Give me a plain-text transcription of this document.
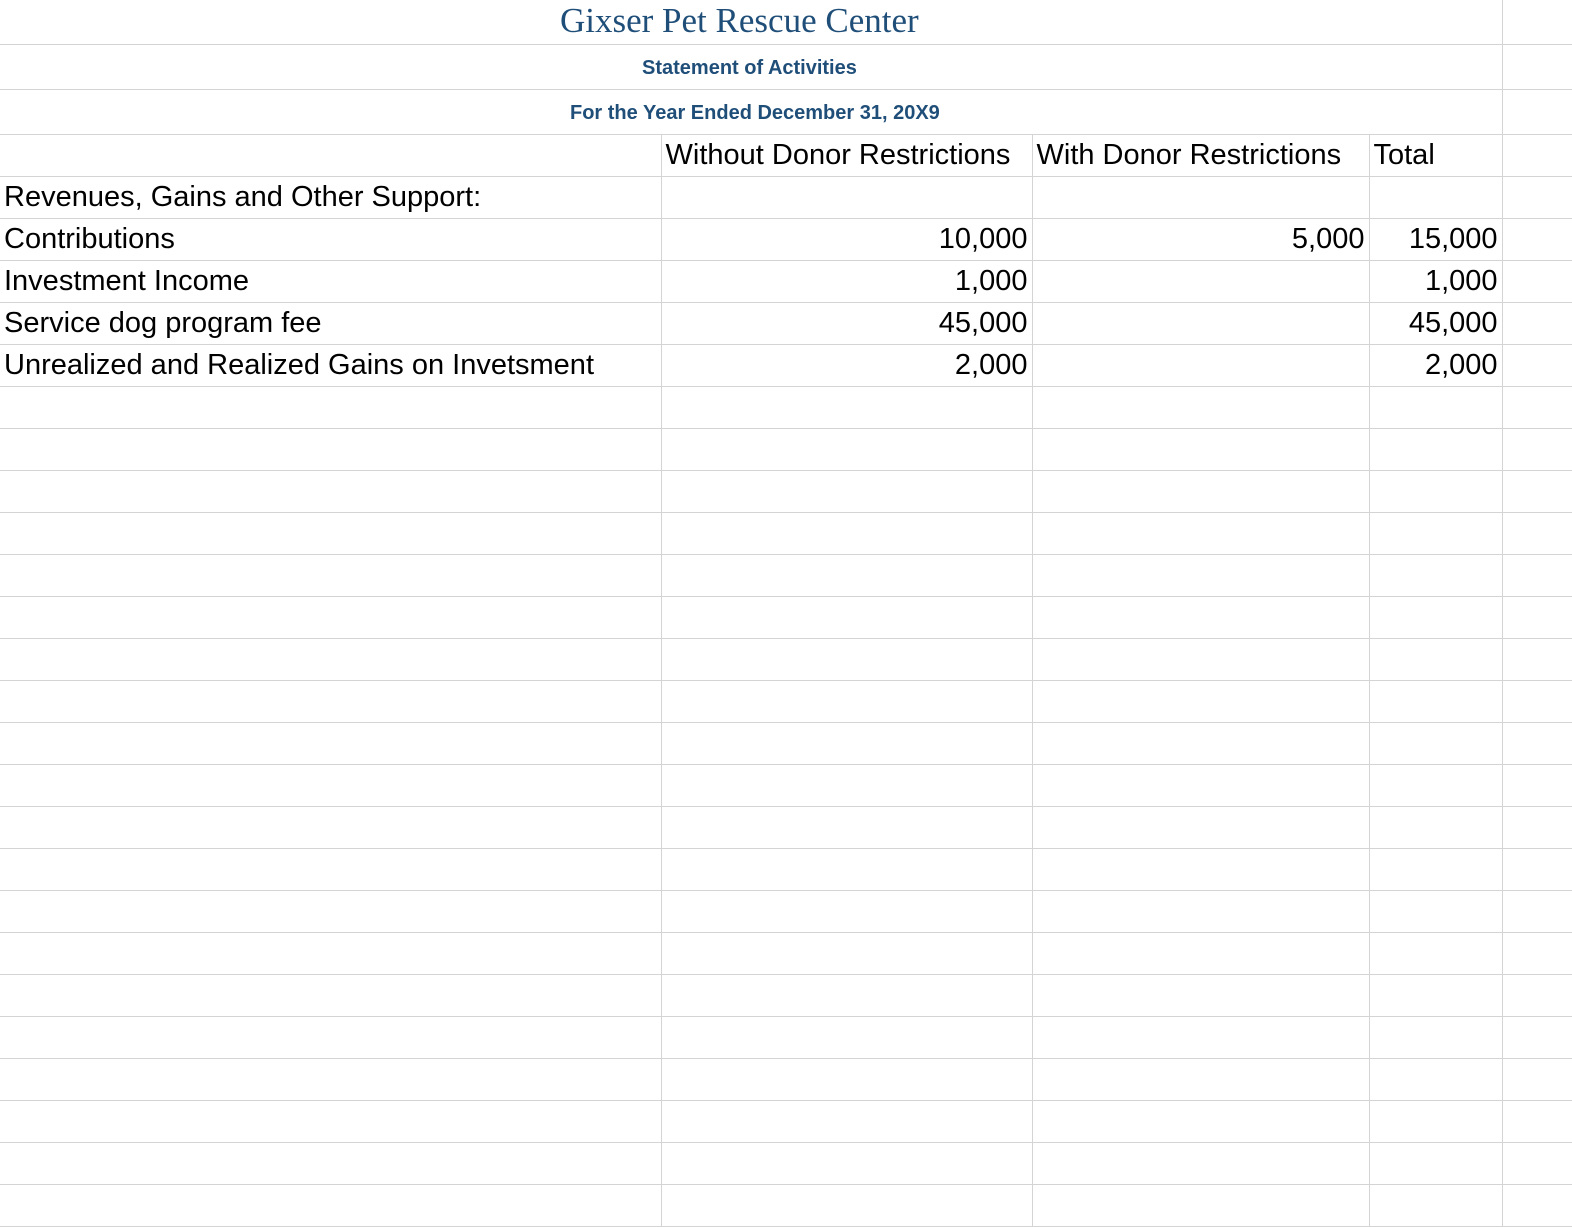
Gixser Pet Rescue Center				
Statement of Activities				
For the Year Ended December 31, 20X9				
	Without Donor Restrictions	With Donor Restrictions	Total	
Revenues, Gains and Other Support:				
Contributions	10,000	5,000	15,000	
Investment Income	1,000		1,000	
Service dog program fee	45,000		45,000	
Unrealized and Realized Gains on Invetsment	2,000		2,000	
